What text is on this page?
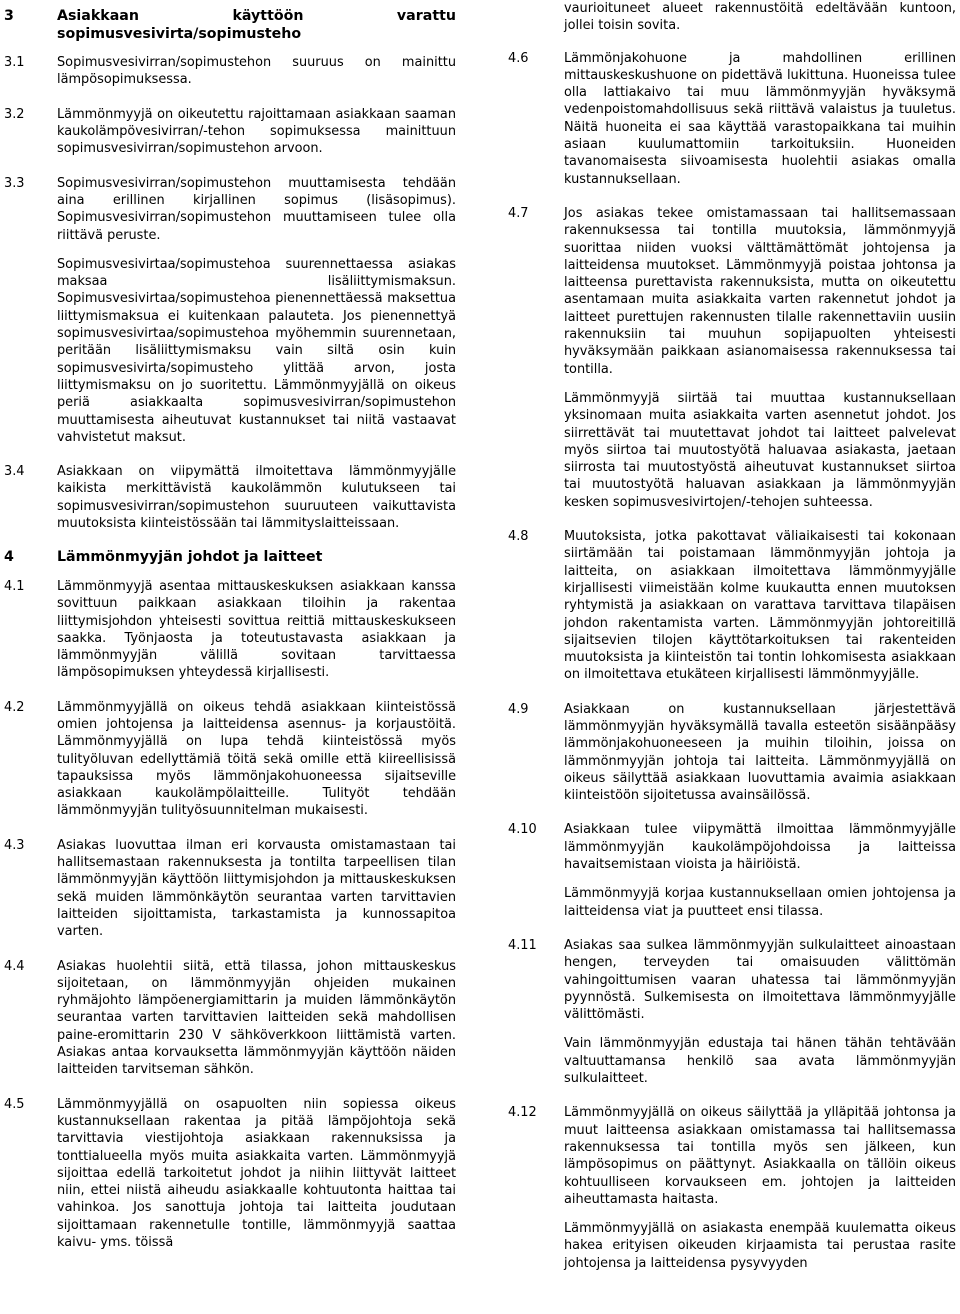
3	Asiakkaan käyttöön varattu sopimusvesivirta/sopimusteho
3.1	Sopimusvesivirran/sopimustehon suuruus on mainittu lämpösopimuksessa.

3.2	Lämmönmyyjä on oikeutettu rajoittamaan asiakkaan saaman kaukolämpövesivirran/-tehon sopimuksessa mainittuun sopimusvesivirran/sopimustehon arvoon.

3.3	Sopimusvesivirran/sopimustehon muuttamisesta tehdään aina erillinen kirjallinen sopimus (lisäsopimus). Sopimusvesivirran/sopimustehon muuttamiseen tulee olla riittävä peruste.

Sopimusvesivirtaa/sopimustehoa suurennettaessa asiakas maksaa lisäliittymismaksun. Sopimusvesivirtaa/sopimustehoa pienennettäessä maksettua liittymismaksua ei kuitenkaan palauteta. Jos pienennettyä sopimusvesivirtaa/sopimustehoa myöhemmin suurennetaan, peritään lisäliittymismaksu vain siltä osin kuin sopimusvesivirta/sopimusteho ylittää arvon, josta liittymismaksu on jo suoritettu. Lämmönmyyjällä on oikeus periä asiakkaalta sopimusvesivirran/sopimustehon muuttamisesta aiheutuvat kustannukset tai niitä vastaavat vahvistetut maksut.

3.4	Asiakkaan on viipymättä ilmoitettava lämmönmyyjälle kaikista merkittävistä kaukolämmön kulutukseen tai sopimusvesivirran/sopimustehon suuruuteen vaikuttavista muutoksista kiinteistössään tai lämmityslaitteissaan.

4	Lämmönmyyjän johdot ja laitteet
4.1	Lämmönmyyjä asentaa mittauskeskuksen asiakkaan kanssa sovittuun paikkaan asiakkaan tiloihin ja rakentaa liittymisjohdon yhteisesti sovittua reittiä mittauskeskukseen saakka. Työnjaosta ja toteutustavasta asiakkaan ja lämmönmyyjän välillä sovitaan tarvittaessa lämpösopimuksen yhteydessä kirjallisesti.

4.2	Lämmönmyyjällä on oikeus tehdä asiakkaan kiinteistössä omien johtojensa ja laitteidensa asennus- ja korjaustöitä. Lämmönmyyjällä on lupa tehdä kiinteistössä myös tulityöluvan edellyttämiä töitä sekä omille että kiireellisissä tapauksissa myös lämmönjakohuoneessa sijaitseville asiakkaan kaukolämpölaitteille. Tulityöt tehdään lämmönmyyjän tulityösuunnitelman mukaisesti.

4.3	Asiakas luovuttaa ilman eri korvausta omistamastaan tai hallitsemastaan rakennuksesta ja tontilta tarpeellisen tilan lämmönmyyjän käyttöön liittymisjohdon ja mittauskeskuksen sekä muiden lämmönkäytön seurantaa varten tarvittavien laitteiden sijoittamista, tarkastamista ja kunnossapitoa varten.

4.4	Asiakas huolehtii siitä, että tilassa, johon mittauskeskus sijoitetaan, on lämmönmyyjän ohjeiden mukainen ryhmäjohto lämpöenergiamittarin ja muiden lämmönkäytön seurantaa varten tarvittavien laitteiden sekä mahdollisen paine-eromittarin 230 V sähköverkkoon liittämistä varten. Asiakas antaa korvauksetta lämmönmyyjän käyttöön näiden laitteiden tarvitseman sähkön.

4.5	Lämmönmyyjällä on osapuolten niin sopiessa oikeus kustannuksellaan rakentaa ja pitää lämpöjohtoja sekä tarvittavia viestijohtoja asiakkaan rakennuksissa ja tonttialueella myös muita asiakkaita varten. Lämmönmyyjä sijoittaa edellä tarkoitetut johdot ja niihin liittyvät laitteet niin, ettei niistä aiheudu asiakkaalle kohtuutonta haittaa tai vahinkoa. Jos sanottuja johtoja tai laitteita joudutaan sijoittamaan rakennetulle tontille, lämmönmyyjä saattaa kaivu- yms. töissä

vaurioituneet alueet rakennustöitä edeltävään kuntoon, jollei toisin sovita.

4.6	Lämmönjakohuone ja mahdollinen erillinen mittauskeskushuone on pidettävä lukittuna. Huoneissa tulee olla lattiakaivo tai muu lämmönmyyjän hyväksymä vedenpoistomahdollisuus sekä riittävä valaistus ja tuuletus. Näitä huoneita ei saa käyttää varastopaikkana tai muihin asiaan kuulumattomiin tarkoituksiin. Huoneiden tavanomaisesta siivoamisesta huolehtii asiakas omalla kustannuksellaan.

4.7	Jos asiakas tekee omistamassaan tai hallitsemassaan rakennuksessa tai tontilla muutoksia, lämmönmyyjä suorittaa niiden vuoksi välttämättömät johtojensa ja laitteidensa muutokset. Lämmönmyyjä poistaa johtonsa ja laitteensa purettavista rakennuksista, mutta on oikeutettu asentamaan muita asiakkaita varten rakennetut johdot ja laitteet purettujen rakennusten tilalle rakennettaviin uusiin rakennuksiin tai muuhun sopijapuolten yhteisesti hyväksymään paikkaan asianomaisessa rakennuksessa tai tontilla.

Lämmönmyyjä siirtää tai muuttaa kustannuksellaan yksinomaan muita asiakkaita varten asennetut johdot. Jos siirrettävät tai muutettavat johdot tai laitteet palvelevat myös siirtoa tai muutostyötä haluavaa asiakasta, jaetaan siirrosta tai muutostyöstä aiheutuvat kustannukset siirtoa tai muutostyötä haluavan asiakkaan ja lämmönmyyjän kesken sopimusvesivirtojen/-tehojen suhteessa.

4.8	Muutoksista, jotka pakottavat väliaikaisesti tai kokonaan siirtämään tai poistamaan lämmönmyyjän johtoja ja laitteita, on asiakkaan ilmoitettava lämmönmyyjälle kirjallisesti viimeistään kolme kuukautta ennen muutoksen ryhtymistä ja asiakkaan on varattava tarvittava tilapäisen johdon rakentamista varten. Lämmönmyyjän johtoreitillä sijaitsevien tilojen käyttötarkoituksen tai rakenteiden muutoksista ja kiinteistön tai tontin lohkomisesta asiakkaan on ilmoitettava etukäteen kirjallisesti lämmönmyyjälle.

4.9	Asiakkaan on kustannuksellaan järjestettävä lämmönmyyjän hyväksymällä tavalla esteetön sisäänpääsy lämmönjakohuoneeseen ja muihin tiloihin, joissa on lämmönmyyjän johtoja tai laitteita. Lämmönmyyjällä on oikeus säilyttää asiakkaan luovuttamia avaimia asiakkaan kiinteistöön sijoitetussa avainsäilössä.

4.10	Asiakkaan tulee viipymättä ilmoittaa lämmönmyyjälle lämmönmyyjän kaukolämpöjohdoissa ja laitteissa havaitsemistaan vioista ja häiriöistä.

Lämmönmyyjä korjaa kustannuksellaan omien johtojensa ja laitteidensa viat ja puutteet ensi tilassa.

4.11	Asiakas saa sulkea lämmönmyyjän sulkulaitteet ainoastaan hengen, terveyden tai omaisuuden välittömän vahingoittumisen vaaran uhatessa tai lämmönmyyjän pyynnöstä. Sulkemisesta on ilmoitettava lämmönmyyjälle välittömästi.

Vain lämmönmyyjän edustaja tai hänen tähän tehtävään valtuuttamansa henkilö saa avata lämmönmyyjän sulkulaitteet.

4.12	Lämmönmyyjällä on oikeus säilyttää ja ylläpitää johtonsa ja muut laitteensa asiakkaan omistamassa tai hallitsemassa rakennuksessa tai tontilla myös sen jälkeen, kun lämpösopimus on päättynyt. Asiakkaalla on tällöin oikeus kohtuulliseen korvaukseen em. johtojen ja laitteiden aiheuttamasta haitasta.

Lämmönmyyjällä on asiakasta enempää kuulematta oikeus hakea erityisen oikeuden kirjaamista tai perustaa rasite johtojensa ja laitteidensa pysyvyyden
